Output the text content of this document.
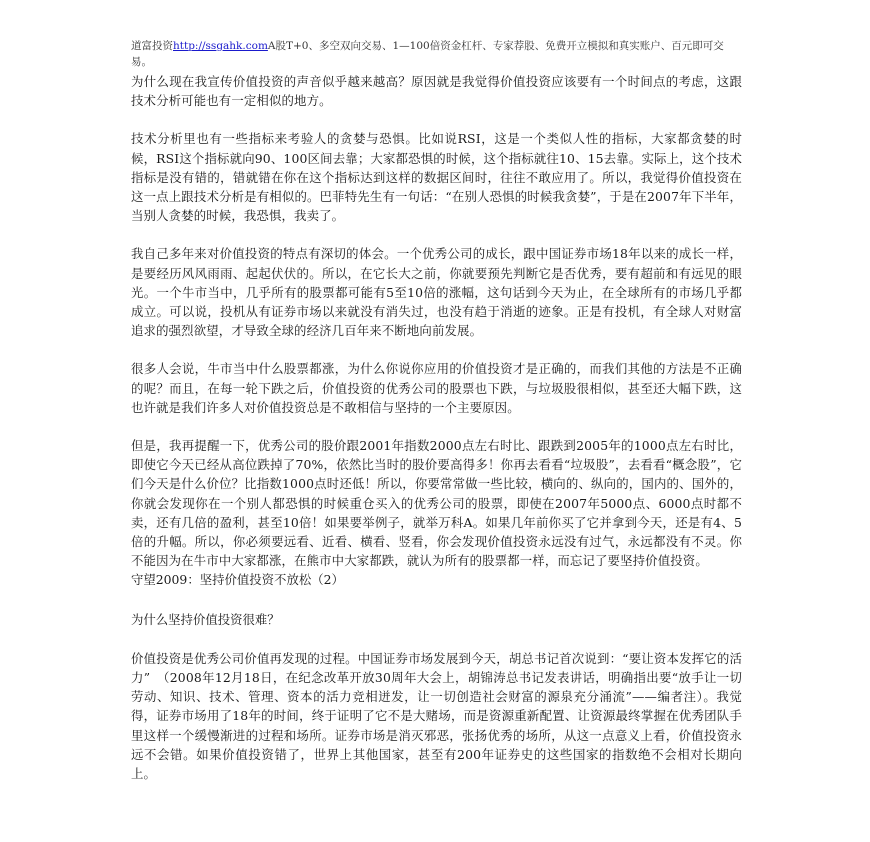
道富投资http://ssgahk.comA股T+0、多空双向交易、1—100倍资金杠杆、专家荐股、免费开立模拟和真实账户、百元即可交易。

为什么现在我宣传价值投资的声音似乎越来越高？原因就是我觉得价值投资应该要有一个时间点的考虑，这跟技术分析可能也有一定相似的地方。

技术分析里也有一些指标来考验人的贪婪与恐惧。比如说RSI，这是一个类似人性的指标，大家都贪婪的时候，RSI这个指标就向90、100区间去靠；大家都恐惧的时候，这个指标就往10、15去靠。实际上，这个技术指标是没有错的，错就错在你在这个指标达到这样的数据区间时，往往不敢应用了。所以，我觉得价值投资在这一点上跟技术分析是有相似的。巴菲特先生有一句话：“在别人恐惧的时候我贪婪”，于是在2007年下半年，当别人贪婪的时候，我恐惧，我卖了。

我自己多年来对价值投资的特点有深切的体会。一个优秀公司的成长，跟中国证券市场18年以来的成长一样，是要经历风风雨雨、起起伏伏的。所以，在它长大之前，你就要预先判断它是否优秀，要有超前和有远见的眼光。一个牛市当中，几乎所有的股票都可能有5至10倍的涨幅，这句话到今天为止，在全球所有的市场几乎都成立。可以说，投机从有证券市场以来就没有消失过，也没有趋于消逝的迹象。正是有投机，有全球人对财富追求的强烈欲望，才导致全球的经济几百年来不断地向前发展。

很多人会说，牛市当中什么股票都涨，为什么你说你应用的价值投资才是正确的，而我们其他的方法是不正确的呢？而且，在每一轮下跌之后，价值投资的优秀公司的股票也下跌，与垃圾股很相似，甚至还大幅下跌，这也许就是我们许多人对价值投资总是不敢相信与坚持的一个主要原因。

但是，我再提醒一下，优秀公司的股价跟2001年指数2000点左右时比、跟跌到2005年的1000点左右时比，即使它今天已经从高位跌掉了70%，依然比当时的股价要高得多！你再去看看“垃圾股”，去看看“概念股”，它们今天是什么价位？比指数1000点时还低！所以，你要常常做一些比较，横向的、纵向的，国内的、国外的，你就会发现你在一个别人都恐惧的时候重仓买入的优秀公司的股票，即使在2007年5000点、6000点时都不卖，还有几倍的盈利，甚至10倍！如果要举例子，就举万科A。如果几年前你买了它并拿到今天，还是有4、5倍的升幅。所以，你必须要远看、近看、横看、竖看，你会发现价值投资永远没有过气，永远都没有不灵。你不能因为在牛市中大家都涨，在熊市中大家都跌，就认为所有的股票都一样，而忘记了要坚持价值投资。

守望2009：坚持价值投资不放松（2）
为什么坚持价值投资很难？

价值投资是优秀公司价值再发现的过程。中国证券市场发展到今天，胡总书记首次说到：“要让资本发挥它的活力”　（2008年12月18日，在纪念改革开放30周年大会上，胡锦涛总书记发表讲话，明确指出要“放手让一切劳动、知识、技术、管理、资本的活力竞相迸发，让一切创造社会财富的源泉充分涌流”——编者注）。我觉得，证券市场用了18年的时间，终于证明了它不是大赌场，而是资源重新配置、让资源最终掌握在优秀团队手里这样一个缓慢渐进的过程和场所。证券市场是消灭邪恶，张扬优秀的场所，从这一点意义上看，价值投资永远不会错。如果价值投资错了，世界上其他国家，甚至有200年证券史的这些国家的指数绝不会相对长期向上。
